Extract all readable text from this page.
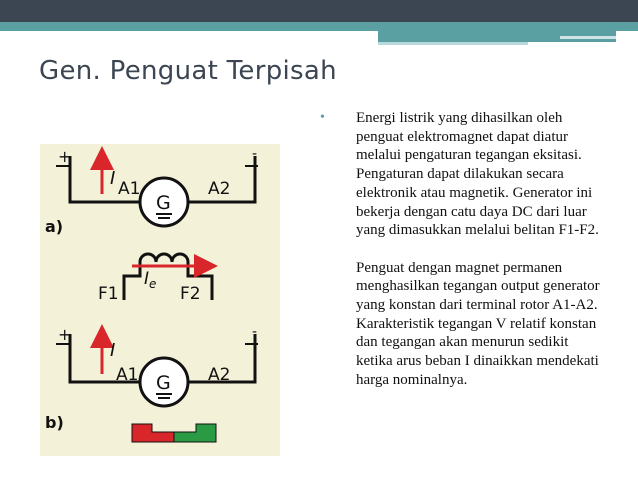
Gen. Penguat Terpisah
+	-
I A1	A2
G
a)
$I_e$
F1	F2
+	-
I
A1	A2
G
b)
•	Energi listrik yang dihasilkan oleh penguat elektromagnet dapat diatur melalui pengaturan tegangan eksitasi. Pengaturan dapat dilakukan secara elektronik atau magnetik. Generator ini bekerja dengan catu daya DC dari luar yang dimasukkan melalui belitan F1-F2.

Penguat dengan magnet permanen menghasilkan tegangan output generator yang konstan dari terminal rotor A1-A2. Karakteristik tegangan V relatif konstan dan tegangan akan menurun sedikit ketika arus beban I dinaikkan mendekati harga nominalnya.
